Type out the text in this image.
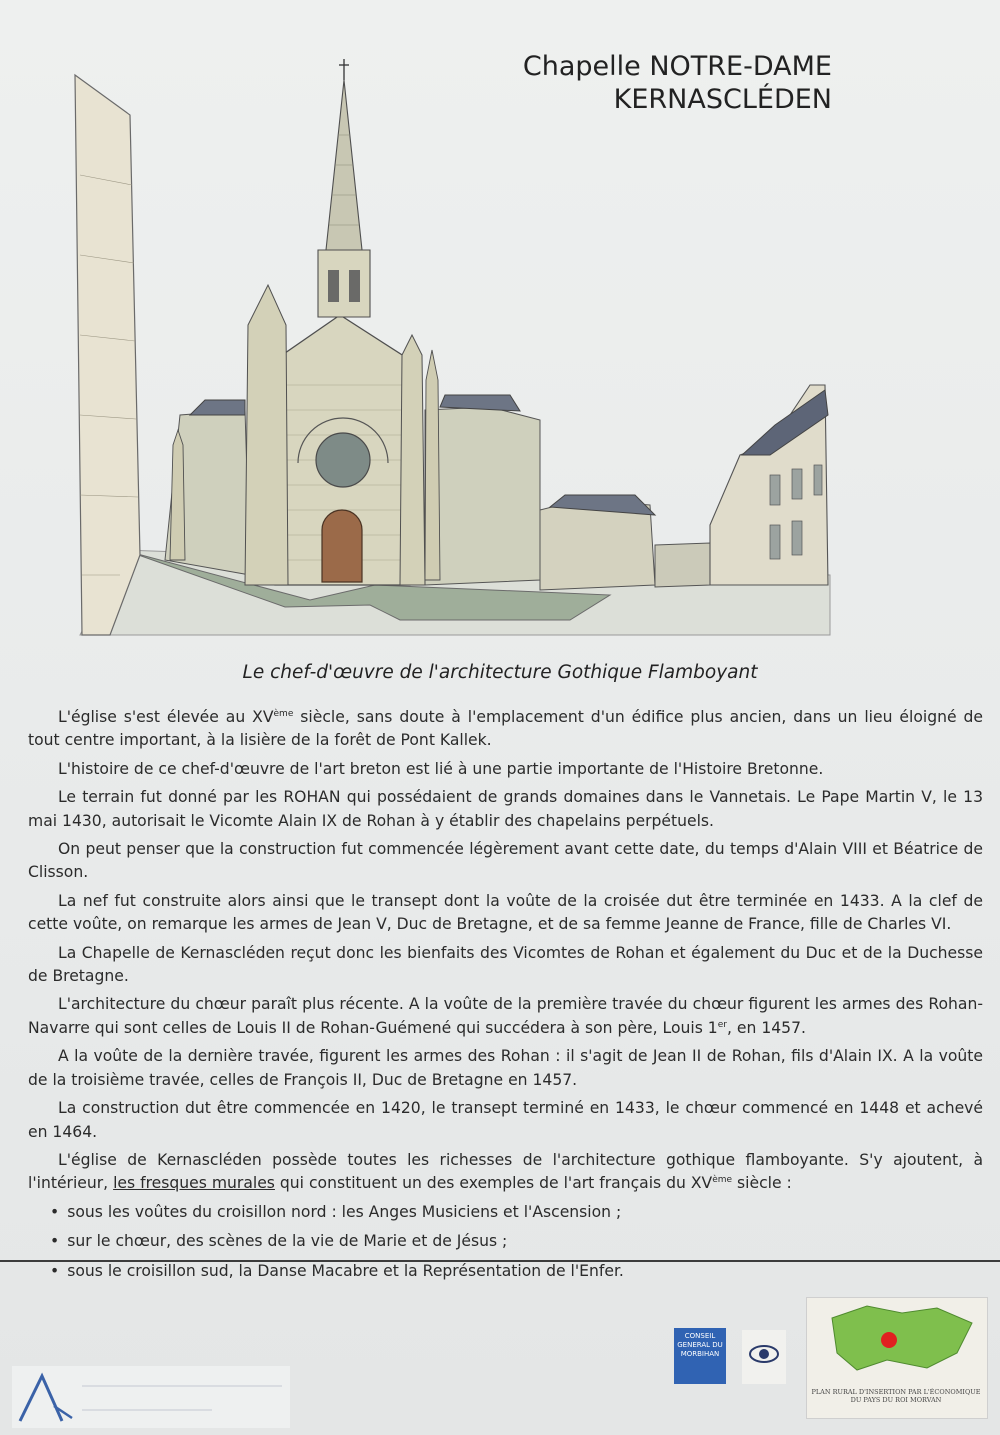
Chapelle NOTRE-DAME
KERNASCLÉDEN
Le chef-d'œuvre de l'architecture Gothique Flamboyant

L'église s'est élevée au XVème siècle, sans doute à l'emplacement d'un édifice plus ancien, dans un lieu éloigné de tout centre important, à la lisière de la forêt de Pont Kallek.

L'histoire de ce chef-d'œuvre de l'art breton est lié à une partie importante de l'Histoire Bretonne.

Le terrain fut donné par les ROHAN qui possédaient de grands domaines dans le Vannetais. Le Pape Martin V, le 13 mai 1430, autorisait le Vicomte Alain IX de Rohan à y établir des chapelains perpétuels.

On peut penser que la construction fut commencée légèrement avant cette date, du temps d'Alain VIII et Béatrice de Clisson.

La nef fut construite alors ainsi que le transept dont la voûte de la croisée dut être terminée en 1433. A la clef de cette voûte, on remarque les armes de Jean V, Duc de Bretagne, et de sa femme Jeanne de France, fille de Charles VI.

La Chapelle de Kernascléden reçut donc les bienfaits des Vicomtes de Rohan et également du Duc et de la Duchesse de Bretagne.

L'architecture du chœur paraît plus récente. A la voûte de la première travée du chœur figurent les armes des Rohan-Navarre qui sont celles de Louis II de Rohan-Guémené qui succédera à son père, Louis 1er, en 1457.

A la voûte de la dernière travée, figurent les armes des Rohan : il s'agit de Jean II de Rohan, fils d'Alain IX. A la voûte de la troisième travée, celles de François II, Duc de Bretagne en 1457.

La construction dut être commencée en 1420, le transept terminé en 1433, le chœur commencé en 1448 et achevé en 1464.

L'église de Kernascléden possède toutes les richesses de l'architecture gothique flamboyante. S'y ajoutent, à l'intérieur, les fresques murales qui constituent un des exemples de l'art français du XVème siècle :

• sous les voûtes du croisillon nord : les Anges Musiciens et l'Ascension ;
• sur le chœur, des scènes de la vie de Marie et de Jésus ;
• sous le croisillon sud, la Danse Macabre et la Représentation de l'Enfer.
CONSEIL GENERAL DU MORBIHAN
PLAN RURAL D'INSERTION PAR L'ÉCONOMIQUE DU PAYS DU ROI MORVAN
